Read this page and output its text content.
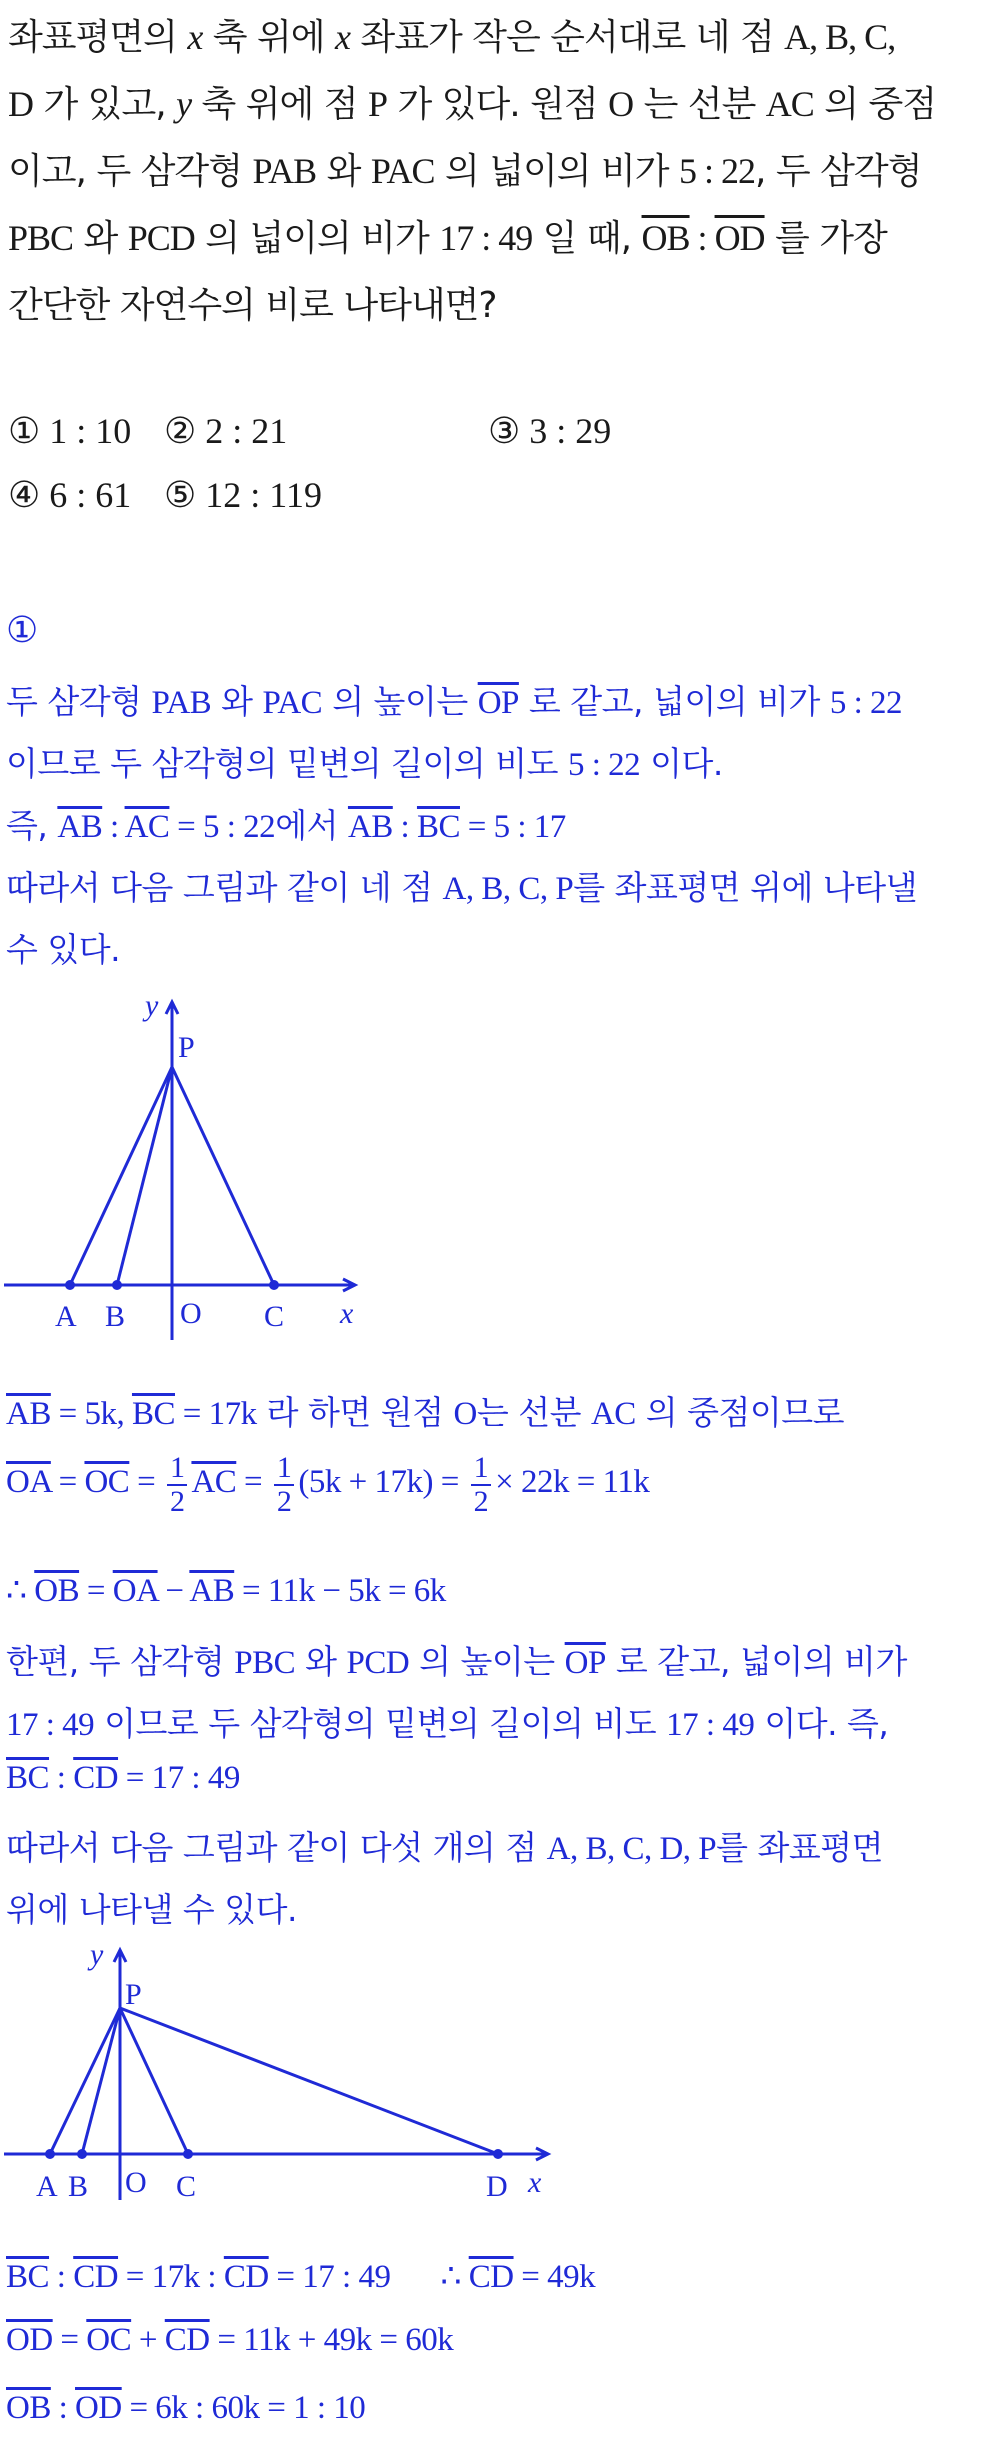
좌표평면의 x 축 위에 x 좌표가 작은 순서대로 네 점 A, B, C,
D 가 있고, y 축 위에 점 P 가 있다. 원점 O 는 선분 AC 의 중점
이고, 두 삼각형 PAB 와 PAC 의 넓이의 비가 5 : 22, 두 삼각형
PBC 와 PCD 의 넓이의 비가 17 : 49 일 때, $\overline{OB}$ : $\overline{OD}$ 를 가장
간단한 자연수의 비로 나타내면?
① 1 : 10 ② 2 : 21	③ 3 : 29
④ 6 : 61 ⑤ 12 : 119
①
두 삼각형 PAB 와 PAC 의 높이는 $\overline{OP}$ 로 같고, 넓이의 비가 5 : 22
이므로 두 삼각형의 밑변의 길이의 비도 5 : 22 이다.
즉, $\overline{AB}$ : $\overline{AC} = 5$ : 22에서 $\overline{AB}$ : $\overline{BC} = 5$ : 17
따라서 다음 그림과 같이 네 점 A, B, C, P를 좌표평면 위에 나타낼
수 있다.
y
P
A B O C x
$\overline{AB} = 5k$, $\overline{BC} = 17k$ 라 하면 원점 O는 선분 AC 의 중점이므로
$\overline{OA} = \overline{OC} = \frac{1}{2} \overline{AC} = \frac{1}{2} (5k + 17k) = \frac{1}{2} \times 22k = 11k$
∴ $\overline{OB} = \overline{OA} - \overline{AB} = 11k - 5k = 6k$
한편, 두 삼각형 PBC 와 PCD 의 높이는 $\overline{OP}$ 로 같고, 넓이의 비가
17 : 49 이므로 두 삼각형의 밑변의 길이의 비도 17 : 49 이다. 즉,
$\overline{BC}$ : $\overline{CD} = 17$ : 49
따라서 다음 그림과 같이 다섯 개의 점 A, B, C, D, P를 좌표평면
위에 나타낼 수 있다.
y
P
A B O C	D x
$\overline{BC}$ : $\overline{CD} = 17k$ : $\overline{CD} = 17$ : 49 ∴ $\overline{CD} = 49k$
$\overline{OD} = \overline{OC} + \overline{CD} = 11k + 49k = 60k$
$\overline{OB}$ : $\overline{OD} = 6k$ : 60k = 1 : 10
